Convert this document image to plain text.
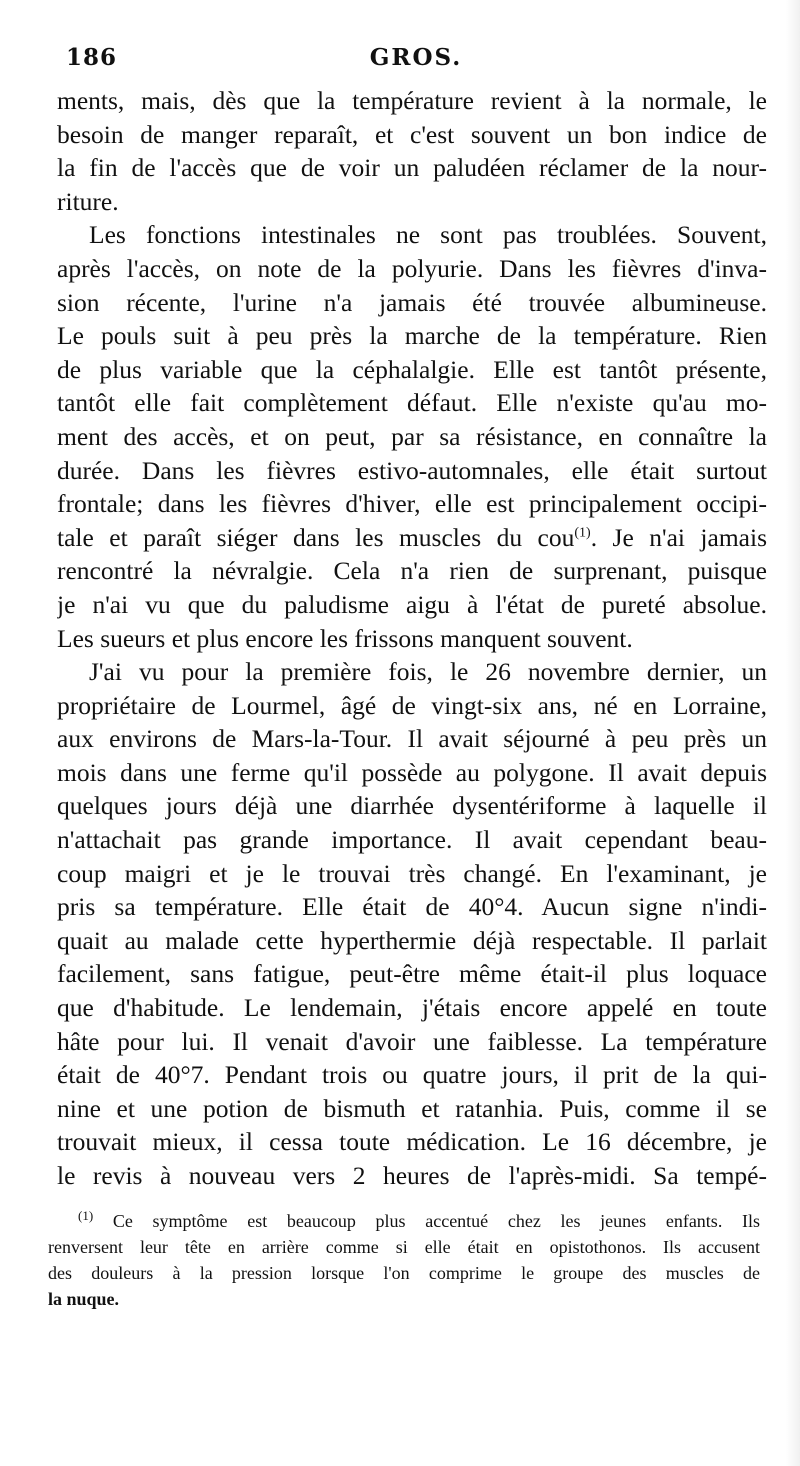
186	GROS.
ments, mais, dès que la température revient à la normale, le
besoin de manger reparaît, et c'est souvent un bon indice de
la fin de l'accès que de voir un paludéen réclamer de la nour-
riture.
Les fonctions intestinales ne sont pas troublées. Souvent,
après l'accès, on note de la polyurie. Dans les fièvres d'inva-
sion récente, l'urine n'a jamais été trouvée albumineuse.
Le pouls suit à peu près la marche de la température. Rien
de plus variable que la céphalalgie. Elle est tantôt présente,
tantôt elle fait complètement défaut. Elle n'existe qu'au mo-
ment des accès, et on peut, par sa résistance, en connaître la
durée. Dans les fièvres estivo-automnales, elle était surtout
frontale; dans les fièvres d'hiver, elle est principalement occipi-
tale et paraît siéger dans les muscles du cou$^{(1)}$. Je n'ai jamais
rencontré la névralgie. Cela n'a rien de surprenant, puisque
je n'ai vu que du paludisme aigu à l'état de pureté absolue.
Les sueurs et plus encore les frissons manquent souvent.
J'ai vu pour la première fois, le 26 novembre dernier, un
propriétaire de Lourmel, âgé de vingt-six ans, né en Lorraine,
aux environs de Mars-la-Tour. Il avait séjourné à peu près un
mois dans une ferme qu'il possède au polygone. Il avait depuis
quelques jours déjà une diarrhée dysentériforme à laquelle il
n'attachait pas grande importance. Il avait cependant beau-
coup maigri et je le trouvai très changé. En l'examinant, je
pris sa température. Elle était de 40°4. Aucun signe n'indi-
quait au malade cette hyperthermie déjà respectable. Il parlait
facilement, sans fatigue, peut-être même était-il plus loquace
que d'habitude. Le lendemain, j'étais encore appelé en toute
hâte pour lui. Il venait d'avoir une faiblesse. La température
était de 40°7. Pendant trois ou quatre jours, il prit de la qui-
nine et une potion de bismuth et ratanhia. Puis, comme il se
trouvait mieux, il cessa toute médication. Le 16 décembre, je
le revis à nouveau vers 2 heures de l'après-midi. Sa tempé-
$^{(1)}$ Ce symptôme est beaucoup plus accentué chez les jeunes enfants. Ils
renversent leur tête en arrière comme si elle était en opistothonos. Ils accusent
des douleurs à la pression lorsque l'on comprime le groupe des muscles de
la nuque.
